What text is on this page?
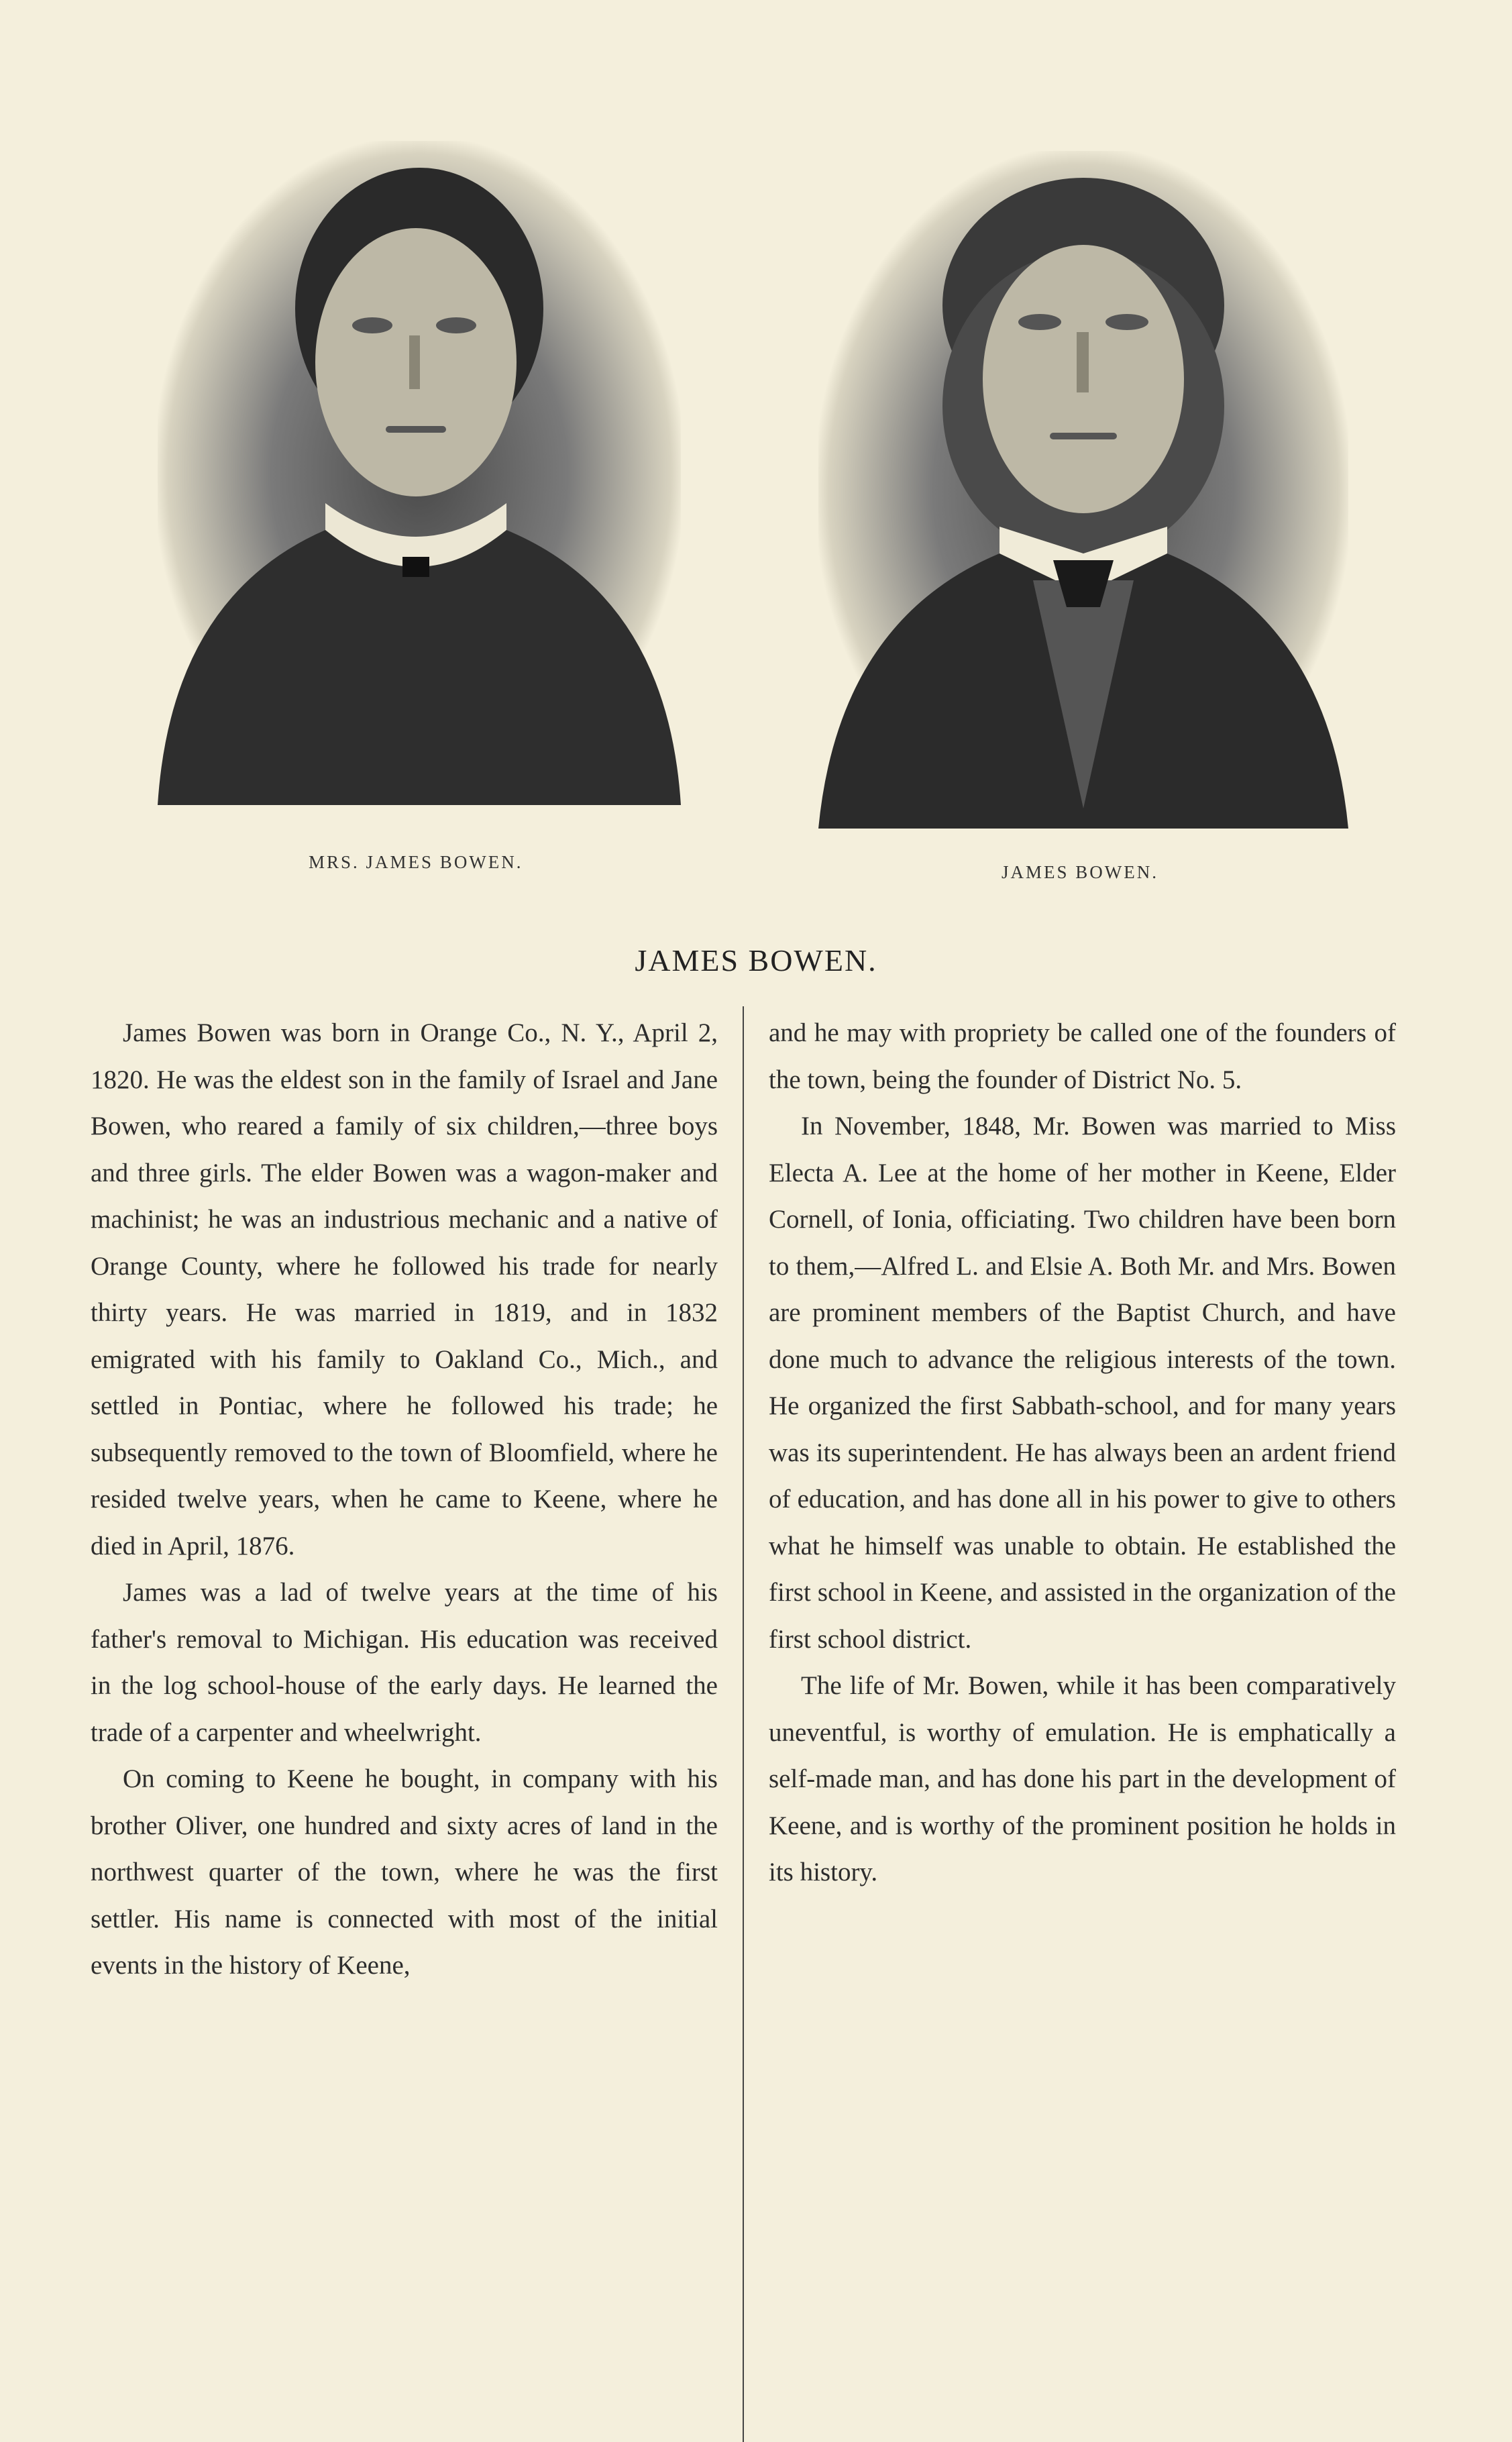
MRS. JAMES BOWEN.	JAMES BOWEN.
JAMES BOWEN.

James Bowen was born in Orange Co., N. Y., April 2, 1820. He was the eldest son in the family of Israel and Jane Bowen, who reared a family of six children,—three boys and three girls. The elder Bowen was a wagon-maker and machinist; he was an industrious mechanic and a native of Orange County, where he followed his trade for nearly thirty years. He was married in 1819, and in 1832 emigrated with his family to Oakland Co., Mich., and settled in Pontiac, where he followed his trade; he subsequently removed to the town of Bloomfield, where he resided twelve years, when he came to Keene, where he died in April, 1876.

James was a lad of twelve years at the time of his father's removal to Michigan. His education was received in the log school-house of the early days. He learned the trade of a carpenter and wheelwright.

On coming to Keene he bought, in company with his brother Oliver, one hundred and sixty acres of land in the northwest quarter of the town, where he was the first settler. His name is connected with most of the initial events in the history of Keene,

and he may with propriety be called one of the founders of the town, being the founder of District No. 5.

In November, 1848, Mr. Bowen was married to Miss Electa A. Lee at the home of her mother in Keene, Elder Cornell, of Ionia, officiating. Two children have been born to them,—Alfred L. and Elsie A. Both Mr. and Mrs. Bowen are prominent members of the Baptist Church, and have done much to advance the religious interests of the town. He organized the first Sabbath-school, and for many years was its superintendent. He has always been an ardent friend of education, and has done all in his power to give to others what he himself was unable to obtain. He established the first school in Keene, and assisted in the organization of the first school district.

The life of Mr. Bowen, while it has been comparatively uneventful, is worthy of emulation. He is emphatically a self-made man, and has done his part in the development of Keene, and is worthy of the prominent position he holds in its history.
